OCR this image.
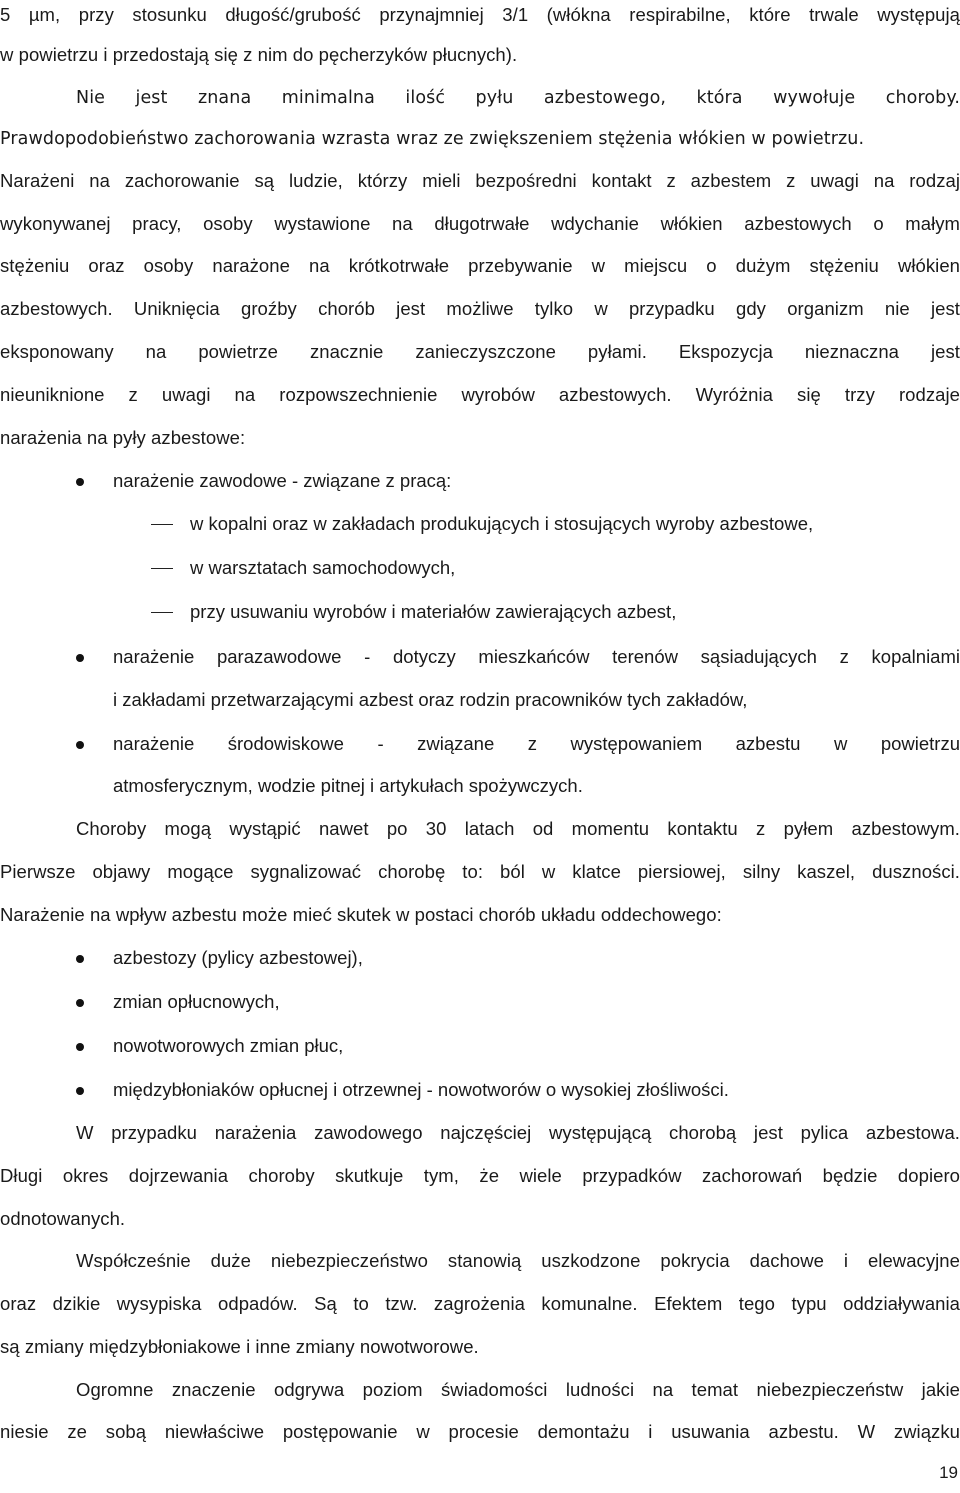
5 µm, przy stosunku długość/grubość przynajmniej 3/1 (włókna respirabilne, które trwale występują
w powietrzu i przedostają się z nim do pęcherzyków płucnych).
Nie jest znana minimalna ilość pyłu azbestowego, która wywołuje choroby.
Prawdopodobieństwo zachorowania wzrasta wraz ze zwiększeniem stężenia włókien w powietrzu.
Narażeni na zachorowanie są ludzie, którzy mieli bezpośredni kontakt z azbestem z uwagi na rodzaj
wykonywanej pracy, osoby wystawione na długotrwałe wdychanie włókien azbestowych o małym
stężeniu oraz osoby narażone na krótkotrwałe przebywanie w miejscu o dużym stężeniu włókien
azbestowych. Uniknięcia groźby chorób jest możliwe tylko w przypadku gdy organizm nie jest
eksponowany na powietrze znacznie zanieczyszczone pyłami. Ekspozycja nieznaczna jest
nieuniknione z uwagi na rozpowszechnienie wyrobów azbestowych. Wyróżnia się trzy rodzaje
narażenia na pyły azbestowe:
narażenie zawodowe - związane z pracą:
w kopalni oraz w zakładach produkujących i stosujących wyroby azbestowe,
w warsztatach samochodowych,
przy usuwaniu wyrobów i materiałów zawierających azbest,
narażenie parazawodowe - dotyczy mieszkańców terenów sąsiadujących z kopalniami
i zakładami przetwarzającymi azbest oraz rodzin pracowników tych zakładów,
narażenie środowiskowe - związane z występowaniem azbestu w powietrzu
atmosferycznym, wodzie pitnej i artykułach spożywczych.
Choroby mogą wystąpić nawet po 30 latach od momentu kontaktu z pyłem azbestowym.
Pierwsze objawy mogące sygnalizować chorobę to: ból w klatce piersiowej, silny kaszel, duszności.
Narażenie na wpływ azbestu może mieć skutek w postaci chorób układu oddechowego:
azbestozy (pylicy azbestowej),
zmian opłucnowych,
nowotworowych zmian płuc,
międzybłoniaków opłucnej i otrzewnej - nowotworów o wysokiej złośliwości.
W przypadku narażenia zawodowego najczęściej występującą chorobą jest pylica azbestowa.
Długi okres dojrzewania choroby skutkuje tym, że wiele przypadków zachorowań będzie dopiero
odnotowanych.
Współcześnie duże niebezpieczeństwo stanowią uszkodzone pokrycia dachowe i elewacyjne
oraz dzikie wysypiska odpadów. Są to tzw. zagrożenia komunalne. Efektem tego typu oddziaływania
są zmiany międzybłoniakowe i inne zmiany nowotworowe.
Ogromne znaczenie odgrywa poziom świadomości ludności na temat niebezpieczeństw jakie
niesie ze sobą niewłaściwe postępowanie w procesie demontażu i usuwania azbestu. W związku
19
